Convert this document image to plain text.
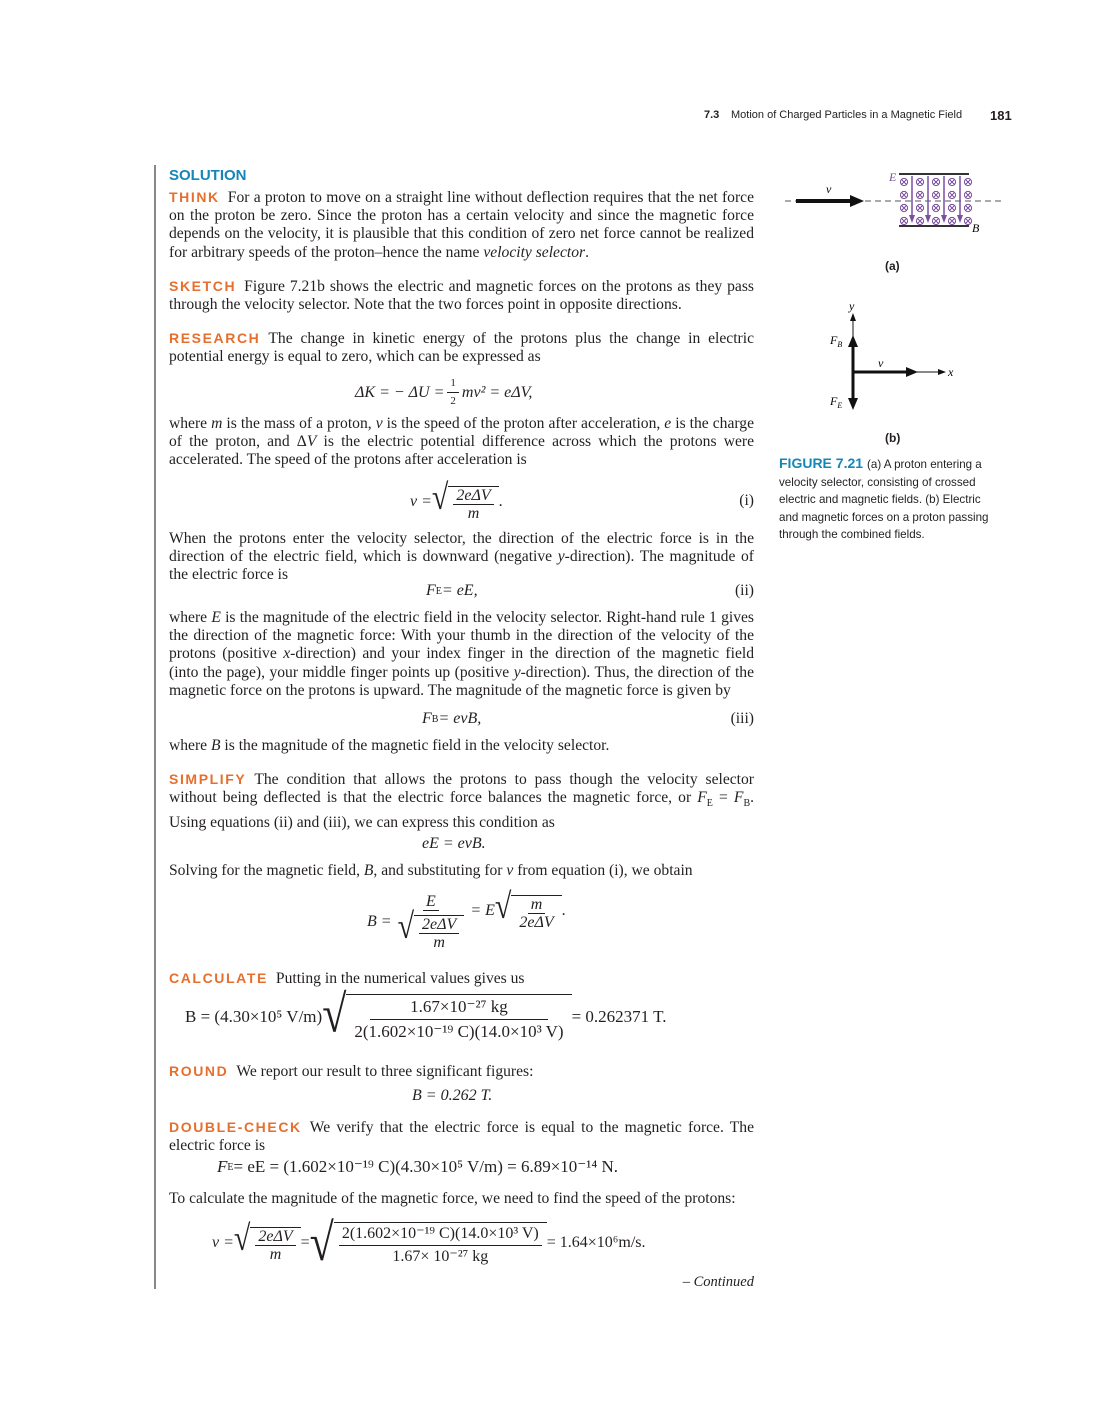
7.3 Motion of Charged Particles in a Magnetic Field 181
SOLUTION
THINK For a proton to move on a straight line without deflection requires that the net force on the proton be zero. Since the proton has a certain velocity and since the magnetic force depends on the velocity, it is plausible that this condition of zero net force cannot be realized for arbitrary speeds of the proton–hence the name velocity selector.
SKETCH Figure 7.21b shows the electric and magnetic forces on the protons as they pass through the velocity selector. Note that the two forces point in opposite directions.
RESEARCH The change in kinetic energy of the protons plus the change in electric potential energy is equal to zero, which can be expressed as
ΔK = − $\Delta U = \frac{1}{2} mv^2 = e\Delta V$,
where m is the mass of a proton, v is the speed of the proton after acceleration, e is the charge of the proton, and ΔV is the electric potential difference across which the protons were accelerated. The speed of the protons after acceleration is
v = √ $\frac{\text{2eΔV}}{m}$ .	(i)
When the protons enter the velocity selector, the direction of the electric force is in the direction of the electric field, which is downward (negative y-direction). The magnitude of the electric force is
F E = eE,	(ii)
where E is the magnitude of the electric field in the velocity selector. Right-hand rule 1 gives the direction of the magnetic force: With your thumb in the direction of the velocity of the protons (positive x-direction) and your index finger in the direction of the magnetic field (into the page), your middle finger points up (positive y-direction). Thus, the direction of the magnetic force on the protons is upward. The magnitude of the magnetic force is given by
F B = evB,	(iii)
where B is the magnitude of the magnetic field in the velocity selector.
SIMPLIFY The condition that allows the protons to pass though the velocity selector without being deflected is that the electric force balances the magnetic force, or $F_E = F_B$. Using equations (ii) and (iii), we can express this condition as
eE = evB.
Solving for the magnetic field, B, and substituting for v from equation (i), we obtain
$B = \frac{E}{√ \frac{\text{2eΔV}}{m}} = E$ √ $\frac{m}{\text{2eΔV}}$ .
CALCULATE Putting in the numerical values gives us
B = (4.30×10⁵ V/m) √ $\frac{\text{1.67×10⁻²⁷ kg}}{\text{2(1.602×10⁻¹⁹ C)(14.0×10³ V)}} = 0.262371$ T.
ROUND We report our result to three significant figures:
B = 0.262 T.
DOUBLE-CHECK We verify that the electric force is equal to the magnetic force. The electric force is
F E = eE = (1.602×10⁻¹⁹ C)(4.30×10⁵ V/m) = 6.89×10⁻¹⁴ N.
To calculate the magnitude of the magnetic force, we need to find the speed of the protons:
v = √ $\frac{\text{2eΔV}}{m}$ = √ $\frac{\text{2(1.602×10⁻¹⁹ C)(14.0×10³ V)}}{\text{1.67× 10⁻²⁷ kg}} = 1.64\times 10^6m/s$.
– Continued
v
E
B
(a)
y
x
v
$F_B$
$F_E$
(b)
FIGURE 7.21 (a) A proton entering a velocity selector, consisting of crossed electric and magnetic fields. (b) Electric and magnetic forces on a proton passing through the combined fields.
